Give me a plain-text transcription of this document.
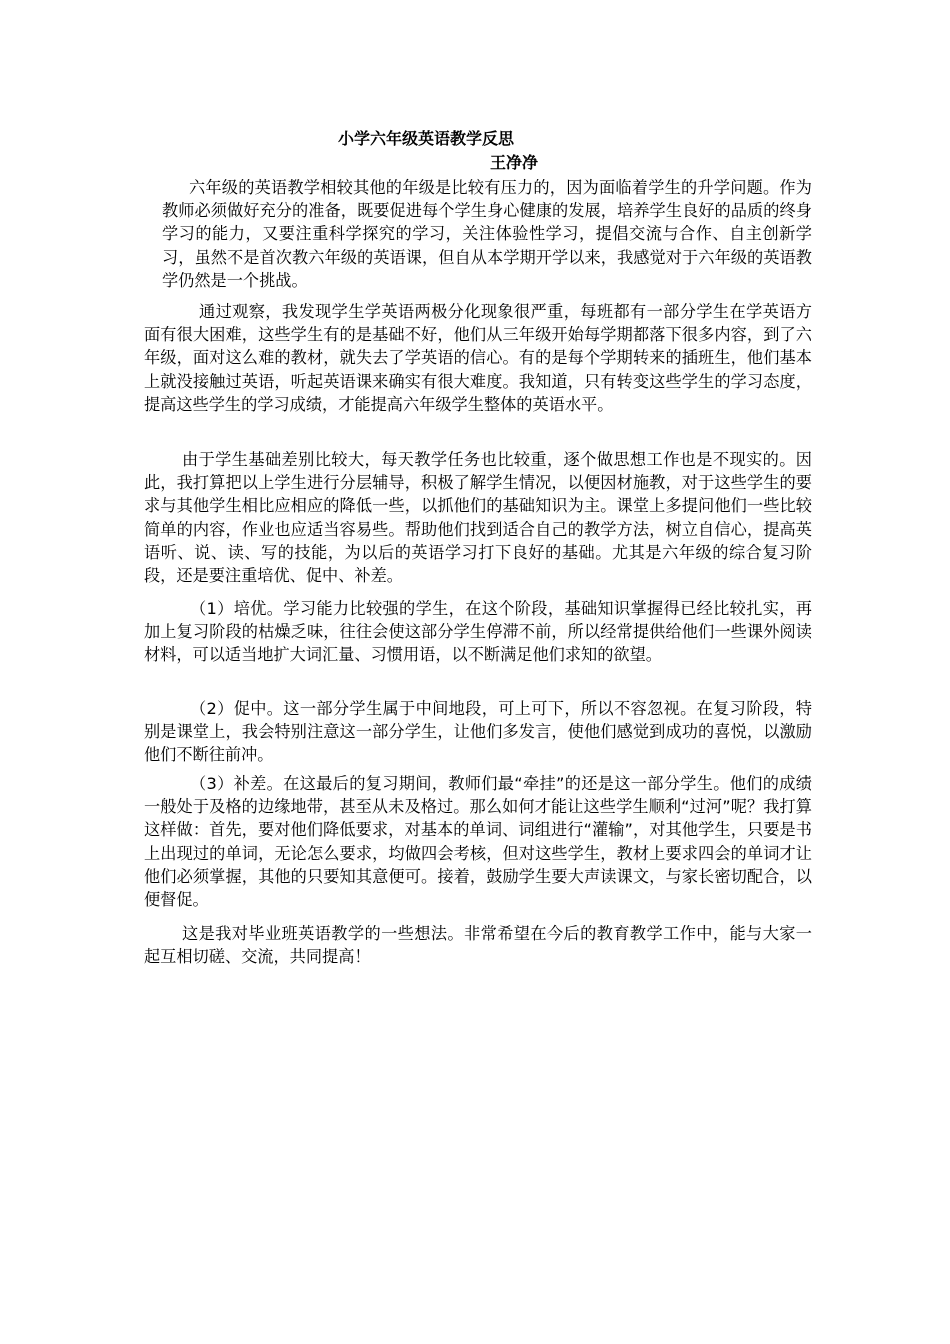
小学六年级英语教学反思
王净净

六年级的英语教学相较其他的年级是比较有压力的，因为面临着学生的升学问题。作为教师必须做好充分的准备，既要促进每个学生身心健康的发展，培养学生良好的品质的终身学习的能力，又要注重科学探究的学习，关注体验性学习，提倡交流与合作、自主创新学习，虽然不是首次教六年级的英语课，但自从本学期开学以来，我感觉对于六年级的英语教学仍然是一个挑战。

通过观察，我发现学生学英语两极分化现象很严重，每班都有一部分学生在学英语方面有很大困难，这些学生有的是基础不好，他们从三年级开始每学期都落下很多内容，到了六年级，面对这么难的教材，就失去了学英语的信心。有的是每个学期转来的插班生，他们基本上就没接触过英语，听起英语课来确实有很大难度。我知道，只有转变这些学生的学习态度，提高这些学生的学习成绩，才能提高六年级学生整体的英语水平。

由于学生基础差别比较大，每天教学任务也比较重，逐个做思想工作也是不现实的。因此，我打算把以上学生进行分层辅导，积极了解学生情况，以便因材施教，对于这些学生的要求与其他学生相比应相应的降低一些，以抓他们的基础知识为主。课堂上多提问他们一些比较简单的内容，作业也应适当容易些。帮助他们找到适合自己的教学方法，树立自信心，提高英语听、说、读、写的技能，为以后的英语学习打下良好的基础。尤其是六年级的综合复习阶段，还是要注重培优、促中、补差。

（1）培优。学习能力比较强的学生，在这个阶段，基础知识掌握得已经比较扎实，再加上复习阶段的枯燥乏味，往往会使这部分学生停滞不前，所以经常提供给他们一些课外阅读材料，可以适当地扩大词汇量、习惯用语，以不断满足他们求知的欲望。

（2）促中。这一部分学生属于中间地段，可上可下，所以不容忽视。在复习阶段，特别是课堂上，我会特别注意这一部分学生，让他们多发言，使他们感觉到成功的喜悦，以激励他们不断往前冲。

（3）补差。在这最后的复习期间，教师们最“牵挂”的还是这一部分学生。他们的成绩一般处于及格的边缘地带，甚至从未及格过。那么如何才能让这些学生顺利“过河”呢？我打算这样做：首先，要对他们降低要求，对基本的单词、词组进行“灌输”，对其他学生，只要是书上出现过的单词，无论怎么要求，均做四会考核，但对这些学生，教材上要求四会的单词才让他们必须掌握，其他的只要知其意便可。接着，鼓励学生要大声读课文，与家长密切配合，以便督促。

这是我对毕业班英语教学的一些想法。非常希望在今后的教育教学工作中，能与大家一起互相切磋、交流，共同提高！
